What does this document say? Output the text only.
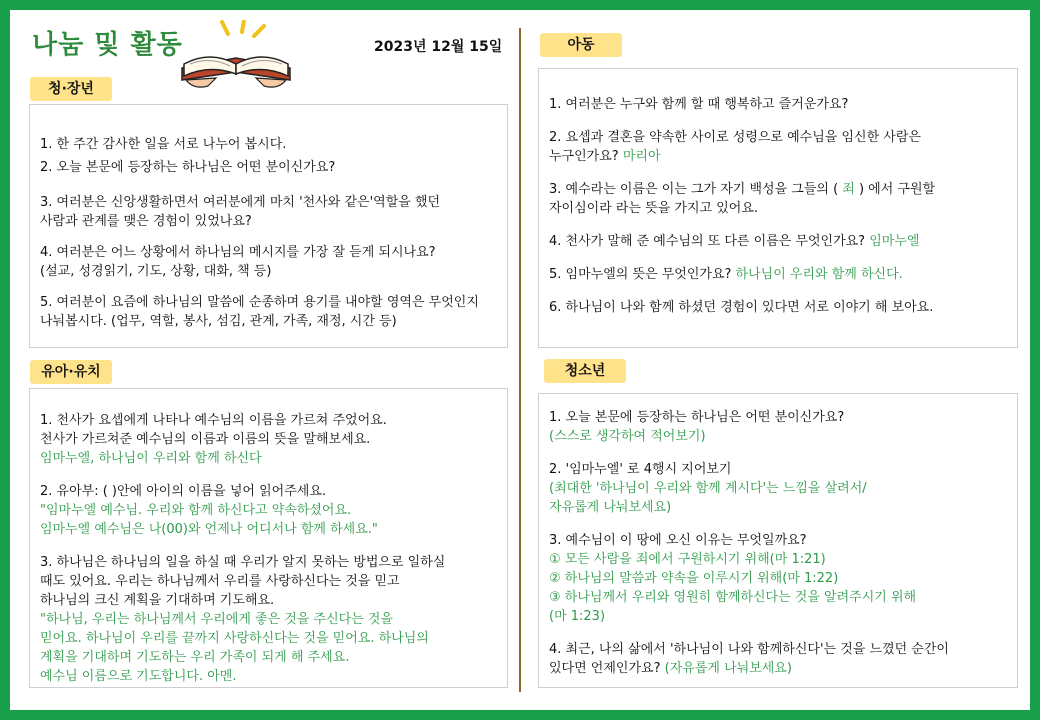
나눔 및 활동	2023년 12월 15일
청·장년

1. 한 주간 감사한 일을 서로 나누어 봅시다.

2. 오늘 본문에 등장하는 하나님은 어떤 분이신가요?

3. 여러분은 신앙생활하면서 여러분에게 마치 '천사와 같은'역할을 했던

사람과 관계를 맺은 경험이 있었나요?

4. 여러분은 어느 상황에서 하나님의 메시지를 가장 잘 듣게 되시나요?

(설교, 성경읽기, 기도, 상황, 대화, 책 등)

5. 여러분이 요즘에 하나님의 말씀에 순종하며 용기를 내야할 영역은 무엇인지

나눠봅시다. (업무, 역할, 봉사, 섬김, 관계, 가족, 재정, 시간 등)

유아·유치

1. 천사가 요셉에게 나타나 예수님의 이름을 가르쳐 주었어요.

천사가 가르쳐준 예수님의 이름과 이름의 뜻을 말해보세요.

임마누엘, 하나님이 우리와 함께 하신다

2. 유아부: ( )안에 아이의 이름을 넣어 읽어주세요.

"임마누엘 예수님. 우리와 함께 하신다고 약속하셨어요.

임마누엘 예수님은 나(00)와 언제나 어디서나 함께 하세요."

3. 하나님은 하나님의 일을 하실 때 우리가 알지 못하는 방법으로 일하실

때도 있어요. 우리는 하나님께서 우리를 사랑하신다는 것을 믿고

하나님의 크신 계획을 기대하며 기도해요.

"하나님, 우리는 하나님께서 우리에게 좋은 것을 주신다는 것을

믿어요. 하나님이 우리를 끝까지 사랑하신다는 것을 믿어요. 하나님의

계획을 기대하며 기도하는 우리 가족이 되게 해 주세요.

예수님 이름으로 기도합니다. 아멘.

아동

1. 여러분은 누구와 함께 할 때 행복하고 즐거운가요?

2. 요셉과 결혼을 약속한 사이로 성령으로 예수님을 임신한 사람은

누구인가요? 마리아

3. 예수라는 이름은 이는 그가 자기 백성을 그들의 ( 죄 ) 에서 구원할

자이심이라 라는 뜻을 가지고 있어요.

4. 천사가 말해 준 예수님의 또 다른 이름은 무엇인가요? 임마누엘

5. 임마누엘의 뜻은 무엇인가요? 하나님이 우리와 함께 하신다.

6. 하나님이 나와 함께 하셨던 경험이 있다면 서로 이야기 해 보아요.

청소년

1. 오늘 본문에 등장하는 하나님은 어떤 분이신가요?

(스스로 생각하여 적어보기)

2. '임마누엘' 로 4행시 지어보기

(최대한 '하나님이 우리와 함께 계시다'는 느낌을 살려서/

자유롭게 나눠보세요)

3. 예수님이 이 땅에 오신 이유는 무엇일까요?

① 모든 사람을 죄에서 구원하시기 위해(마 1:21)

② 하나님의 말씀과 약속을 이루시기 위해(마 1:22)

③ 하나님께서 우리와 영원히 함께하신다는 것을 알려주시기 위해

(마 1:23)

4. 최근, 나의 삶에서 '하나님이 나와 함께하신다'는 것을 느꼈던 순간이

있다면 언제인가요? (자유롭게 나눠보세요)
